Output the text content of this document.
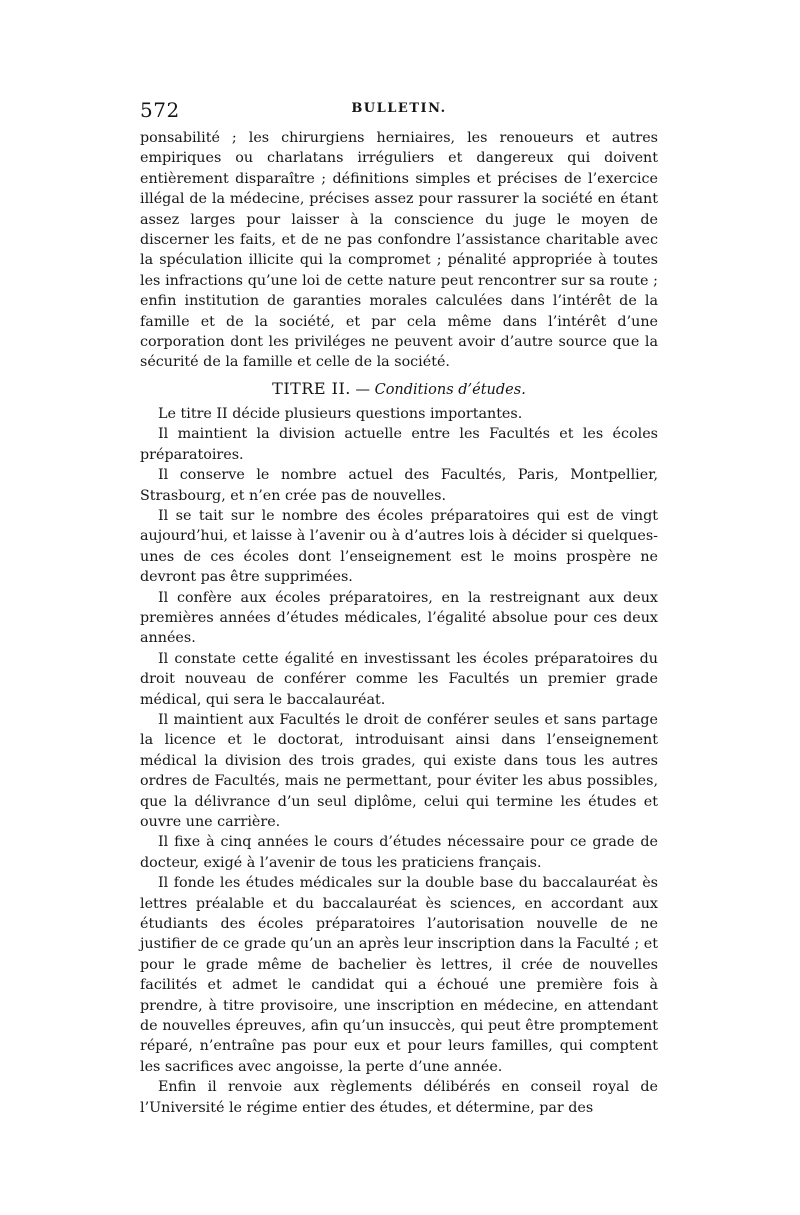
572	BULLETIN.

ponsabilité ; les chirurgiens herniaires, les renoueurs et autres empiriques ou charlatans irréguliers et dangereux qui doivent entièrement disparaître ; définitions simples et précises de l’exercice illégal de la médecine, précises assez pour rassurer la société en étant assez larges pour laisser à la conscience du juge le moyen de discerner les faits, et de ne pas confondre l’assistance charitable avec la spéculation illicite qui la compromet ; pénalité appropriée à toutes les infractions qu’une loi de cette nature peut rencontrer sur sa route ; enfin institution de garanties morales calculées dans l’intérêt de la famille et de la société, et par cela même dans l’intérêt d’une corporation dont les priviléges ne peuvent avoir d’autre source que la sécurité de la famille et celle de la société.

TITRE II. — Conditions d’études.

Le titre II décide plusieurs questions importantes.

Il maintient la division actuelle entre les Facultés et les écoles préparatoires.

Il conserve le nombre actuel des Facultés, Paris, Montpellier, Strasbourg, et n’en crée pas de nouvelles.

Il se tait sur le nombre des écoles préparatoires qui est de vingt aujourd’hui, et laisse à l’avenir ou à d’autres lois à décider si quelques-unes de ces écoles dont l’enseignement est le moins prospère ne devront pas être supprimées.

Il confère aux écoles préparatoires, en la restreignant aux deux premières années d’études médicales, l’égalité absolue pour ces deux années.

Il constate cette égalité en investissant les écoles préparatoires du droit nouveau de conférer comme les Facultés un premier grade médical, qui sera le baccalauréat.

Il maintient aux Facultés le droit de conférer seules et sans partage la licence et le doctorat, introduisant ainsi dans l’enseignement médical la division des trois grades, qui existe dans tous les autres ordres de Facultés, mais ne permettant, pour éviter les abus possibles, que la délivrance d’un seul diplôme, celui qui termine les études et ouvre une carrière.

Il fixe à cinq années le cours d’études nécessaire pour ce grade de docteur, exigé à l’avenir de tous les praticiens français.

Il fonde les études médicales sur la double base du baccalauréat ès lettres préalable et du baccalauréat ès sciences, en accordant aux étudiants des écoles préparatoires l’autorisation nouvelle de ne justifier de ce grade qu’un an après leur inscription dans la Faculté ; et pour le grade même de bachelier ès lettres, il crée de nouvelles facilités et admet le candidat qui a échoué une première fois à prendre, à titre provisoire, une inscription en médecine, en attendant de nouvelles épreuves, afin qu’un insuccès, qui peut être promptement réparé, n’entraîne pas pour eux et pour leurs familles, qui comptent les sacrifices avec angoisse, la perte d’une année.

Enfin il renvoie aux règlements délibérés en conseil royal de l’Université le régime entier des études, et détermine, par des
